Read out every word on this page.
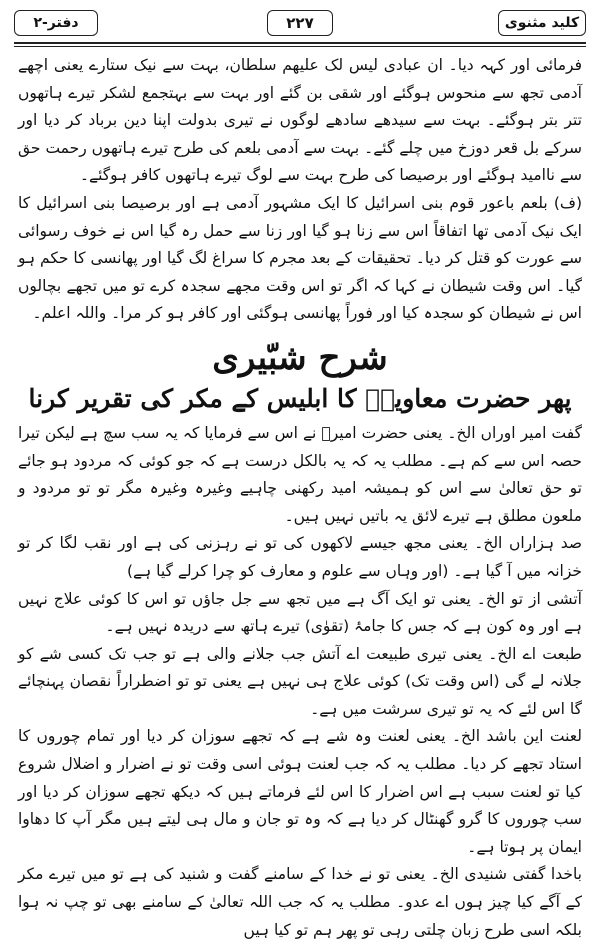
کلید مثنوی
۲۲۷
دفتر-۲

فرمائی اور کہہ دیا۔ ان عبادی لیس لک علیھم سلطان، بہت سے نیک ستارے یعنی اچھے آدمی تجھ سے منحوس ہوگئے اور شقی بن گئے اور بہت سے بہتجمع لشکر تیرے ہاتھوں تتر بتر ہوگئے۔ بہت سے سیدھے سادھے لوگوں نے تیری بدولت اپنا دین برباد کر دیا اور سرکے بل قعر دوزخ میں چلے گئے۔ بہت سے آدمی بلعم کی طرح تیرے ہاتھوں رحمت حق سے ناامید ہوگئے اور برصیصا کی طرح بہت سے لوگ تیرے ہاتھوں کافر ہوگئے۔

(ف) بلعم باعور قوم بنی اسرائیل کا ایک مشہور آدمی ہے اور برصیصا بنی اسرائیل کا ایک نیک آدمی تھا اتفاقاً اس سے زنا ہو گیا اور زنا سے حمل رہ گیا اس نے خوف رسوائی سے عورت کو قتل کر دیا۔ تحقیقات کے بعد مجرم کا سراغ لگ گیا اور پھانسی کا حکم ہو گیا۔ اس وقت شیطان نے کہا کہ اگر تو اس وقت مجھے سجدہ کرے تو میں تجھے بچالوں اس نے شیطان کو سجدہ کیا اور فوراً پھانسی ہوگئی اور کافر ہو کر مرا۔ واللہ اعلم۔

شرح شبّیری
پھر حضرت معاویہؓ کا ابلیس کے مکر کی تقریر کرنا

گفت امیر اوراں الخ۔ یعنی حضرت امیرؓ نے اس سے فرمایا کہ یہ سب سچ ہے لیکن تیرا حصہ اس سے کم ہے۔ مطلب یہ کہ یہ بالکل درست ہے کہ جو کوئی کہ مردود ہو جائے تو حق تعالیٰ سے اس کو ہمیشہ امید رکھنی چاہیے وغیرہ وغیرہ مگر تو تو مردود و ملعون مطلق ہے تیرے لائق یہ باتیں نہیں ہیں۔

صد ہزاراں الخ۔ یعنی مجھ جیسے لاکھوں کی تو نے رہزنی کی ہے اور نقب لگا کر تو خزانہ میں آ گیا ہے۔ (اور وہاں سے علوم و معارف کو چرا کرلے گیا ہے)

آتشی از تو الخ۔ یعنی تو ایک آگ ہے میں تجھ سے جل جاؤں تو اس کا کوئی علاج نہیں ہے اور وہ کون ہے کہ جس کا جامۂ (تقوٰی) تیرے ہاتھ سے دریدہ نہیں ہے۔

طبعت اے الخ۔ یعنی تیری طبیعت اے آتش جب جلانے والی ہے تو جب تک کسی شے کو جلانہ لے گی (اس وقت تک) کوئی علاج ہی نہیں ہے یعنی تو تو اضطراراً نقصان پہنچائے گا اس لئے کہ یہ تو تیری سرشت میں ہے۔

لعنت این باشد الخ۔ یعنی لعنت وہ شے ہے کہ تجھے سوزان کر دیا اور تمام چوروں کا استاد تجھے کر دیا۔ مطلب یہ کہ جب لعنت ہوئی اسی وقت تو نے اضرار و اضلال شروع کیا تو لعنت سبب ہے اس اضرار کا اس لئے فرماتے ہیں کہ دیکھ تجھے سوزان کر دیا اور سب چوروں کا گرو گھنٹال کر دیا ہے کہ وہ تو جان و مال ہی لیتے ہیں مگر آپ کا دھاوا ایمان پر ہوتا ہے۔

باخدا گفتی شنیدی الخ۔ یعنی تو نے خدا کے سامنے گفت و شنید کی ہے تو میں تیرے مکر کے آگے کیا چیز ہوں اے عدو۔ مطلب یہ کہ جب اللہ تعالیٰ کے سامنے بھی تو چپ نہ ہوا بلکہ اسی طرح زبان چلتی رہی تو پھر ہم تو کیا ہیں
